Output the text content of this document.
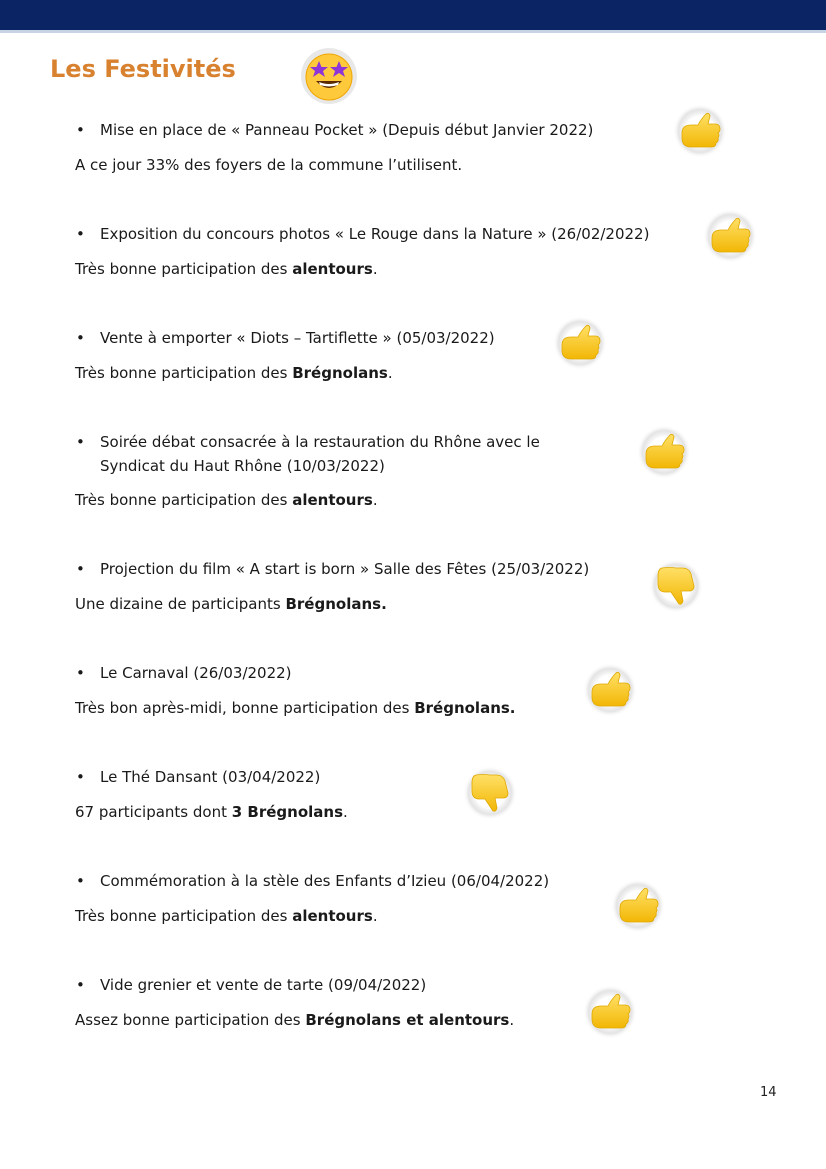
Les Festivités
• Mise en place de « Panneau Pocket » (Depuis début Janvier 2022)
A ce jour 33% des foyers de la commune l’utilisent.
• Exposition du concours photos « Le Rouge dans la Nature » (26/02/2022)
Très bonne participation des alentours.
• Vente à emporter « Diots – Tartiflette » (05/03/2022)
Très bonne participation des Brégnolans.
• Soirée débat consacrée à la restauration du Rhône avec le Syndicat du Haut Rhône (10/03/2022)
Très bonne participation des alentours.
• Projection du film « A start is born » Salle des Fêtes (25/03/2022)
Une dizaine de participants Brégnolans.
• Le Carnaval (26/03/2022)
Très bon après-midi, bonne participation des Brégnolans.
• Le Thé Dansant (03/04/2022)
67 participants dont 3 Brégnolans.
• Commémoration à la stèle des Enfants d’Izieu (06/04/2022)
Très bonne participation des alentours.
• Vide grenier et vente de tarte (09/04/2022)
Assez bonne participation des Brégnolans et alentours.
14
